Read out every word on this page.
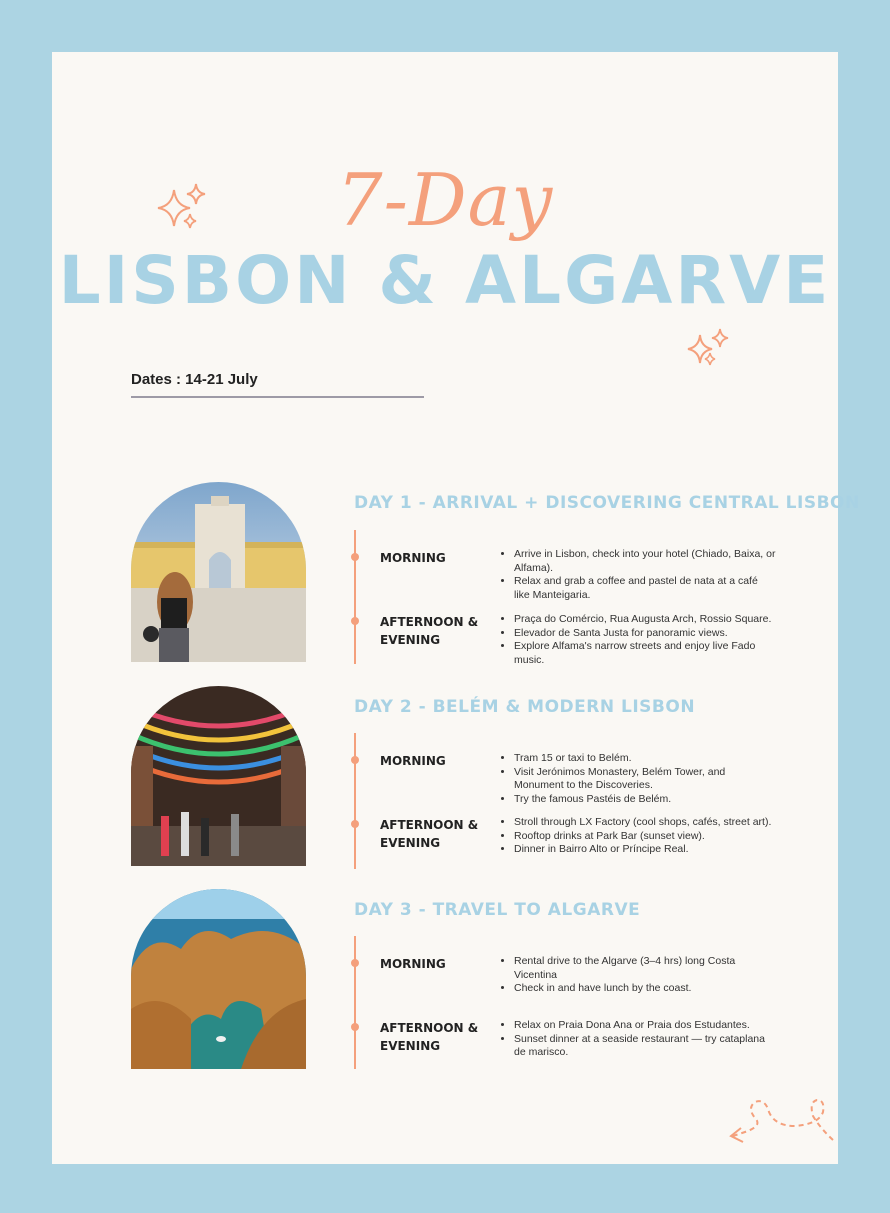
7-Day
LISBON & ALGARVE
Dates : 14-21 July
DAY 1 - ARRIVAL + DISCOVERING CENTRAL LISBON
MORNING	• Arrive in Lisbon, check into your hotel (Chiado, Baixa, or Alfama).
• Relax and grab a coffee and pastel de nata at a café like Manteigaria.
AFTERNOON & EVENING
• Praça do Comércio, Rua Augusta Arch, Rossio Square.
• Elevador de Santa Justa for panoramic views.
• Explore Alfama's narrow streets and enjoy live Fado music.
DAY 2 - BELÉM & MODERN LISBON
MORNING	• Tram 15 or taxi to Belém.
• Visit Jerónimos Monastery, Belém Tower, and Monument to the Discoveries.
• Try the famous Pastéis de Belém.
AFTERNOON & EVENING
• Stroll through LX Factory (cool shops, cafés, street art).
• Rooftop drinks at Park Bar (sunset view).
• Dinner in Bairro Alto or Príncipe Real.
DAY 3 - TRAVEL TO ALGARVE
MORNING	• Rental drive to the Algarve (3–4 hrs) long Costa Vicentina
• Check in and have lunch by the coast.
AFTERNOON & EVENING
• Relax on Praia Dona Ana or Praia dos Estudantes.
• Sunset dinner at a seaside restaurant — try cataplana de marisco.
